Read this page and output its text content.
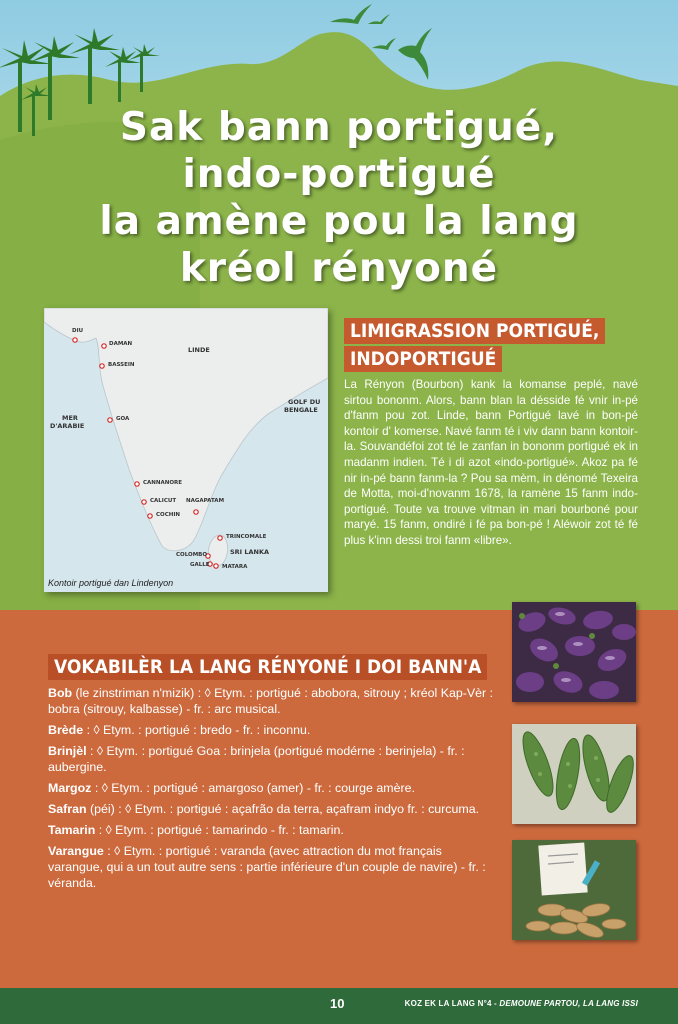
Sak bann portigué,
indo-portigué
la amène pou la lang
kréol rényoné
DIU
DAMAN
BASSEIN
GOA
CANNANORE
CALICUT
COCHIN
NAGAPATAM
TRINCOMALE
COLOMBO
GALLE MATARA
SRI LANKA
LINDE
MER
D'ARABIE
GOLF DU
BENGALE
Kontoir portigué dan Lindenyon
LIMIGRASSION PORTIGUÉ,
INDOPORTIGUÉ

La Rényon (Bourbon) kank la komanse peplé, navé sirtou bononm. Alors, bann blan la désside fé vnir in-pé d'fanm pou zot. Linde, bann Portigué lavé in bon-pé kontoir d' komerse. Navé fanm té i viv dann bann kontoir-la. Souvandéfoi zot té le zanfan in bononm portigué ek in madanm indien. Té i di azot «indo-portigué». Akoz pa fé nir in-pé bann fanm-la ? Pou sa mèm, in dénomé Texeira de Motta, moi-d'novanm 1678, la ramène 15 fanm indo-portigué. Toute va trouve vitman in mari bourboné pour maryé. 15 fanm, ondiré i fé pa bon-pé ! Aléwoir zot té fé plus k'inn dessi troi fanm «libre».

VOKABILÈR LA LANG RÉNYONÉ I DOI BANN'A

Bob (le zinstriman n'mizik) : ◊ Etym. : portigué : abobora, sitrouy ; kréol Kap-Vèr : bobra (sitrouy, kalbasse) - fr. : arc musical.

Brède : ◊ Etym. : portigué : bredo - fr. : inconnu.

Brinjèl : ◊ Etym. : portigué Goa : brinjela (portigué modérne : berinjela) - fr. : aubergine.

Margoz : ◊ Etym. : portigué : amargoso (amer) - fr. : courge amère.

Safran (péi) : ◊ Etym. : portigué : açafrão da terra, açafram indyo fr. : curcuma.

Tamarin : ◊ Etym. : portigué : tamarindo - fr. : tamarin.

Varangue : ◊ Etym. : portigué : varanda (avec attraction du mot français varangue, qui a un tout autre sens : partie inférieure d'un couple de navire) - fr. : véranda.

10	KOZ EK LA LANG N°4 - DEMOUNE PARTOU, LA LANG ISSI
